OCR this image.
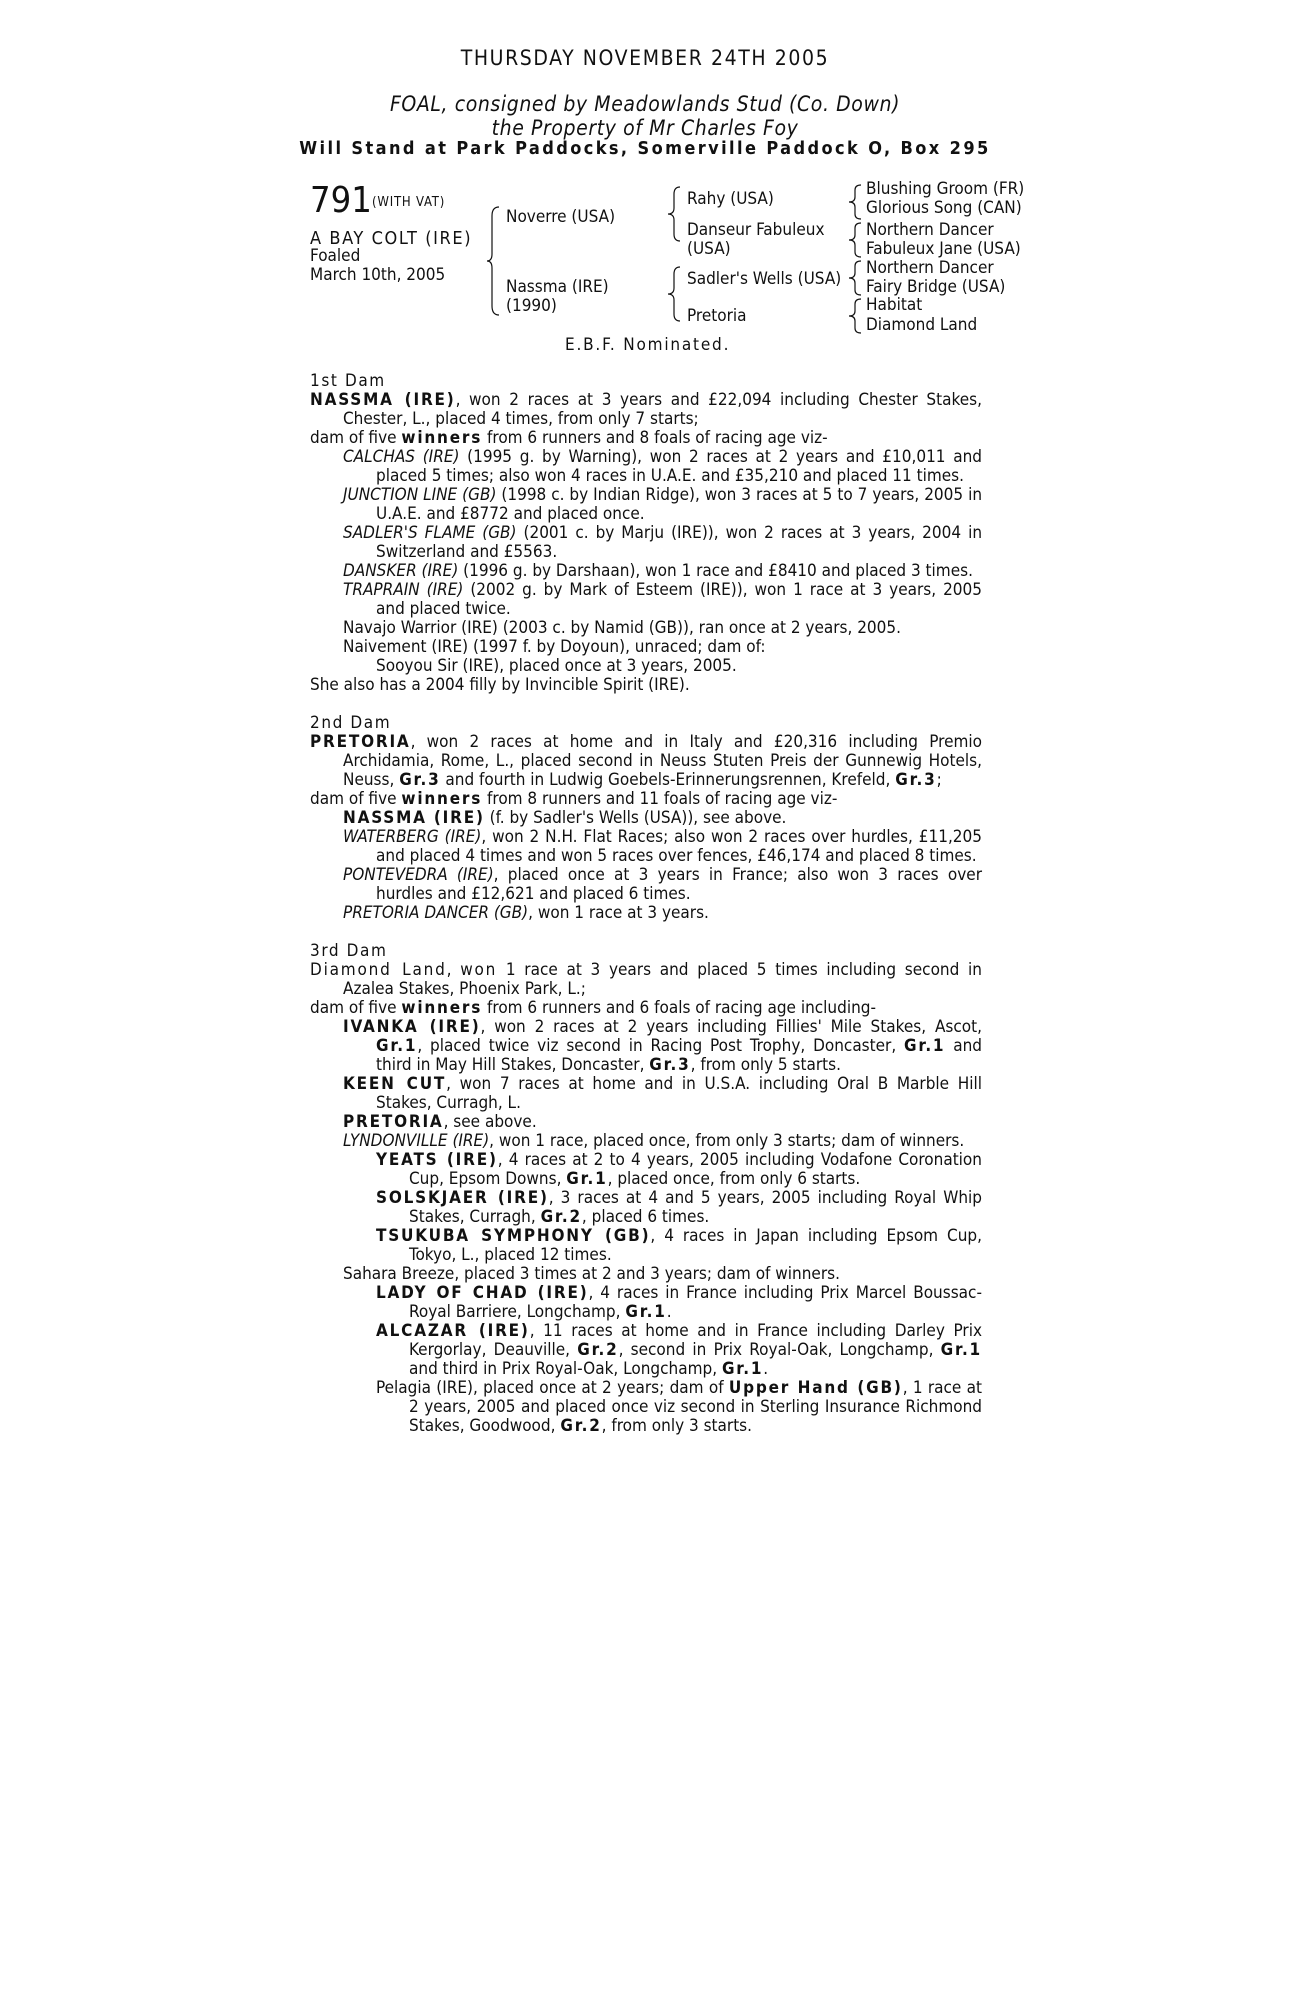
THURSDAY NOVEMBER 24TH 2005
FOAL, consigned by Meadowlands Stud (Co. Down)
the Property of Mr Charles Foy
Will Stand at Park Paddocks, Somerville Paddock O, Box 295
791 (WITH VAT)
A BAY COLT (IRE)
Foaled
March 10th, 2005
Noverre (USA)
Nassma (IRE)
(1990)
Rahy (USA)
Danseur Fabuleux
(USA)
Sadler's Wells (USA)
Pretoria
Blushing Groom (FR)
Glorious Song (CAN)
Northern Dancer
Fabuleux Jane (USA)
Northern Dancer
Fairy Bridge (USA)
Habitat
Diamond Land
E.B.F. Nominated.
1st Dam
NASSMA (IRE), won 2 races at 3 years and £22,094 including Chester Stakes, Chester, L., placed 4 times, from only 7 starts;
dam of five winners from 6 runners and 8 foals of racing age viz-
CALCHAS (IRE) (1995 g. by Warning), won 2 races at 2 years and £10,011 and placed 5 times; also won 4 races in U.A.E. and £35,210 and placed 11 times.
JUNCTION LINE (GB) (1998 c. by Indian Ridge), won 3 races at 5 to 7 years, 2005 in U.A.E. and £8772 and placed once.
SADLER'S FLAME (GB) (2001 c. by Marju (IRE)), won 2 races at 3 years, 2004 in Switzerland and £5563.
DANSKER (IRE) (1996 g. by Darshaan), won 1 race and £8410 and placed 3 times.
TRAPRAIN (IRE) (2002 g. by Mark of Esteem (IRE)), won 1 race at 3 years, 2005 and placed twice.
Navajo Warrior (IRE) (2003 c. by Namid (GB)), ran once at 2 years, 2005.
Naivement (IRE) (1997 f. by Doyoun), unraced; dam of:
Sooyou Sir (IRE), placed once at 3 years, 2005.
She also has a 2004 filly by Invincible Spirit (IRE).
2nd Dam
PRETORIA, won 2 races at home and in Italy and £20,316 including Premio Archidamia, Rome, L., placed second in Neuss Stuten Preis der Gunnewig Hotels, Neuss, Gr.3 and fourth in Ludwig Goebels-Erinnerungsrennen, Krefeld, Gr.3;
dam of five winners from 8 runners and 11 foals of racing age viz-
NASSMA (IRE) (f. by Sadler's Wells (USA)), see above.
WATERBERG (IRE), won 2 N.H. Flat Races; also won 2 races over hurdles, £11,205 and placed 4 times and won 5 races over fences, £46,174 and placed 8 times.
PONTEVEDRA (IRE), placed once at 3 years in France; also won 3 races over hurdles and £12,621 and placed 6 times.
PRETORIA DANCER (GB), won 1 race at 3 years.
3rd Dam
Diamond Land, won 1 race at 3 years and placed 5 times including second in Azalea Stakes, Phoenix Park, L.;
dam of five winners from 6 runners and 6 foals of racing age including-
IVANKA (IRE), won 2 races at 2 years including Fillies' Mile Stakes, Ascot, Gr.1, placed twice viz second in Racing Post Trophy, Doncaster, Gr.1 and third in May Hill Stakes, Doncaster, Gr.3, from only 5 starts.
KEEN CUT, won 7 races at home and in U.S.A. including Oral B Marble Hill Stakes, Curragh, L.
PRETORIA, see above.
LYNDONVILLE (IRE), won 1 race, placed once, from only 3 starts; dam of winners.
YEATS (IRE), 4 races at 2 to 4 years, 2005 including Vodafone Coronation Cup, Epsom Downs, Gr.1, placed once, from only 6 starts.
SOLSKJAER (IRE), 3 races at 4 and 5 years, 2005 including Royal Whip Stakes, Curragh, Gr.2, placed 6 times.
TSUKUBA SYMPHONY (GB), 4 races in Japan including Epsom Cup, Tokyo, L., placed 12 times.
Sahara Breeze, placed 3 times at 2 and 3 years; dam of winners.
LADY OF CHAD (IRE), 4 races in France including Prix Marcel Boussac-Royal Barriere, Longchamp, Gr.1.
ALCAZAR (IRE), 11 races at home and in France including Darley Prix Kergorlay, Deauville, Gr.2, second in Prix Royal-Oak, Longchamp, Gr.1 and third in Prix Royal-Oak, Longchamp, Gr.1.
Pelagia (IRE), placed once at 2 years; dam of Upper Hand (GB), 1 race at 2 years, 2005 and placed once viz second in Sterling Insurance Richmond Stakes, Goodwood, Gr.2, from only 3 starts.
